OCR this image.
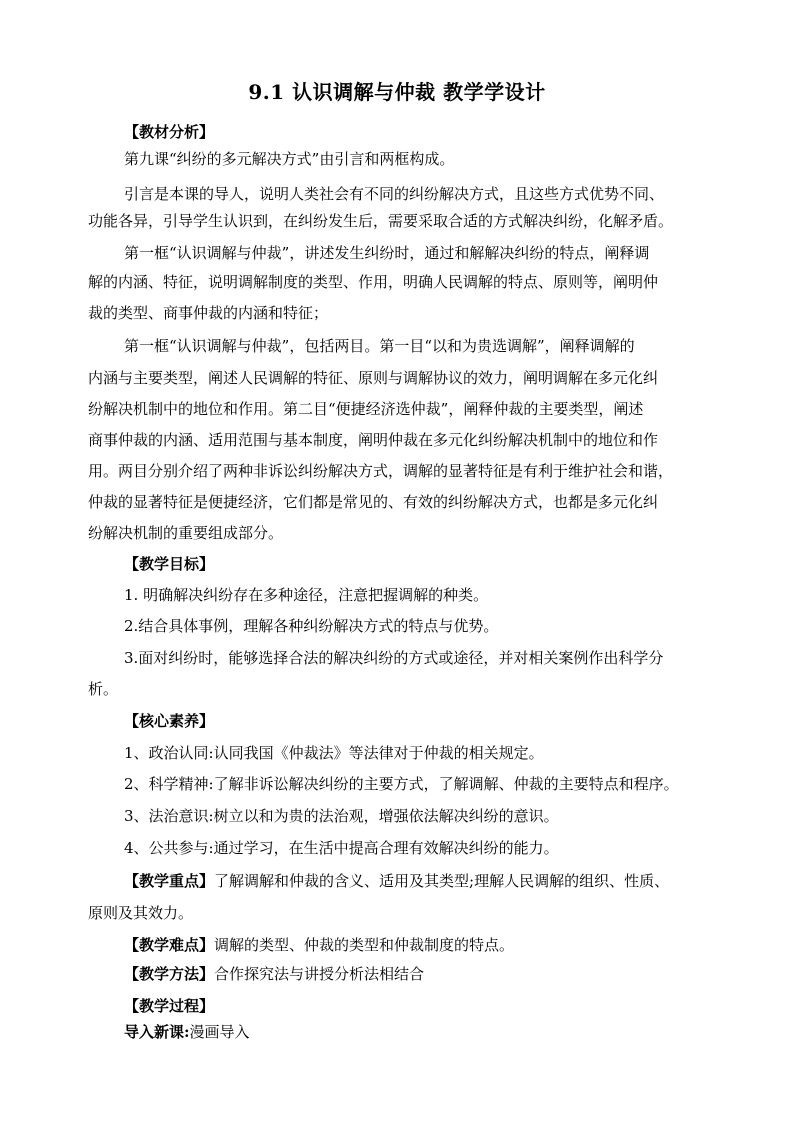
9.1 认识调解与仲裁 教学学设计
【教材分析】
第九课“纠纷的多元解决方式”由引言和两框构成。
引言是本课的导人，说明人类社会有不同的纠纷解决方式，且这些方式优势不同、
功能各异，引导学生认识到，在纠纷发生后，需要采取合适的方式解决纠纷，化解矛盾。
第一框“认识调解与仲裁”，讲述发生纠纷时，通过和解解决纠纷的特点，阐释调
解的内涵、特征，说明调解制度的类型、作用，明确人民调解的特点、原则等，阐明仲
裁的类型、商事仲裁的内涵和特征；
第一框“认识调解与仲裁”，包括两目。第一目“以和为贵选调解”，阐释调解的
内涵与主要类型，阐述人民调解的特征、原则与调解协议的效力，阐明调解在多元化纠
纷解决机制中的地位和作用。第二目“便捷经济选仲裁”，阐释仲裁的主要类型，阐述
商事仲裁的内涵、适用范围与基本制度，阐明仲裁在多元化纠纷解决机制中的地位和作
用。两目分别介绍了两种非诉讼纠纷解决方式，调解的显著特征是有利于维护社会和谐，
仲裁的显著特征是便捷经济，它们都是常见的、有效的纠纷解决方式，也都是多元化纠
纷解决机制的重要组成部分。
【教学目标】
1. 明确解决纠纷存在多种途径，注意把握调解的种类。
2.结合具体事例，理解各种纠纷解决方式的特点与优势。
3.面对纠纷时，能够选择合法的解决纠纷的方式或途径，并对相关案例作出科学分
析。
【核心素养】
1、政治认同:认同我国《仲裁法》等法律对于仲裁的相关规定。
2、科学精神:了解非诉讼解决纠纷的主要方式，了解调解、仲裁的主要特点和程序。
3、法治意识:树立以和为贵的法治观，增强依法解决纠纷的意识。
4、公共参与:通过学习，在生活中提高合理有效解决纠纷的能力。
【教学重点】了解调解和仲裁的含义、适用及其类型;理解人民调解的组织、性质、
原则及其效力。
【教学难点】调解的类型、仲裁的类型和仲裁制度的特点。
【教学方法】合作探究法与讲授分析法相结合
【教学过程】
导入新课:漫画导入
